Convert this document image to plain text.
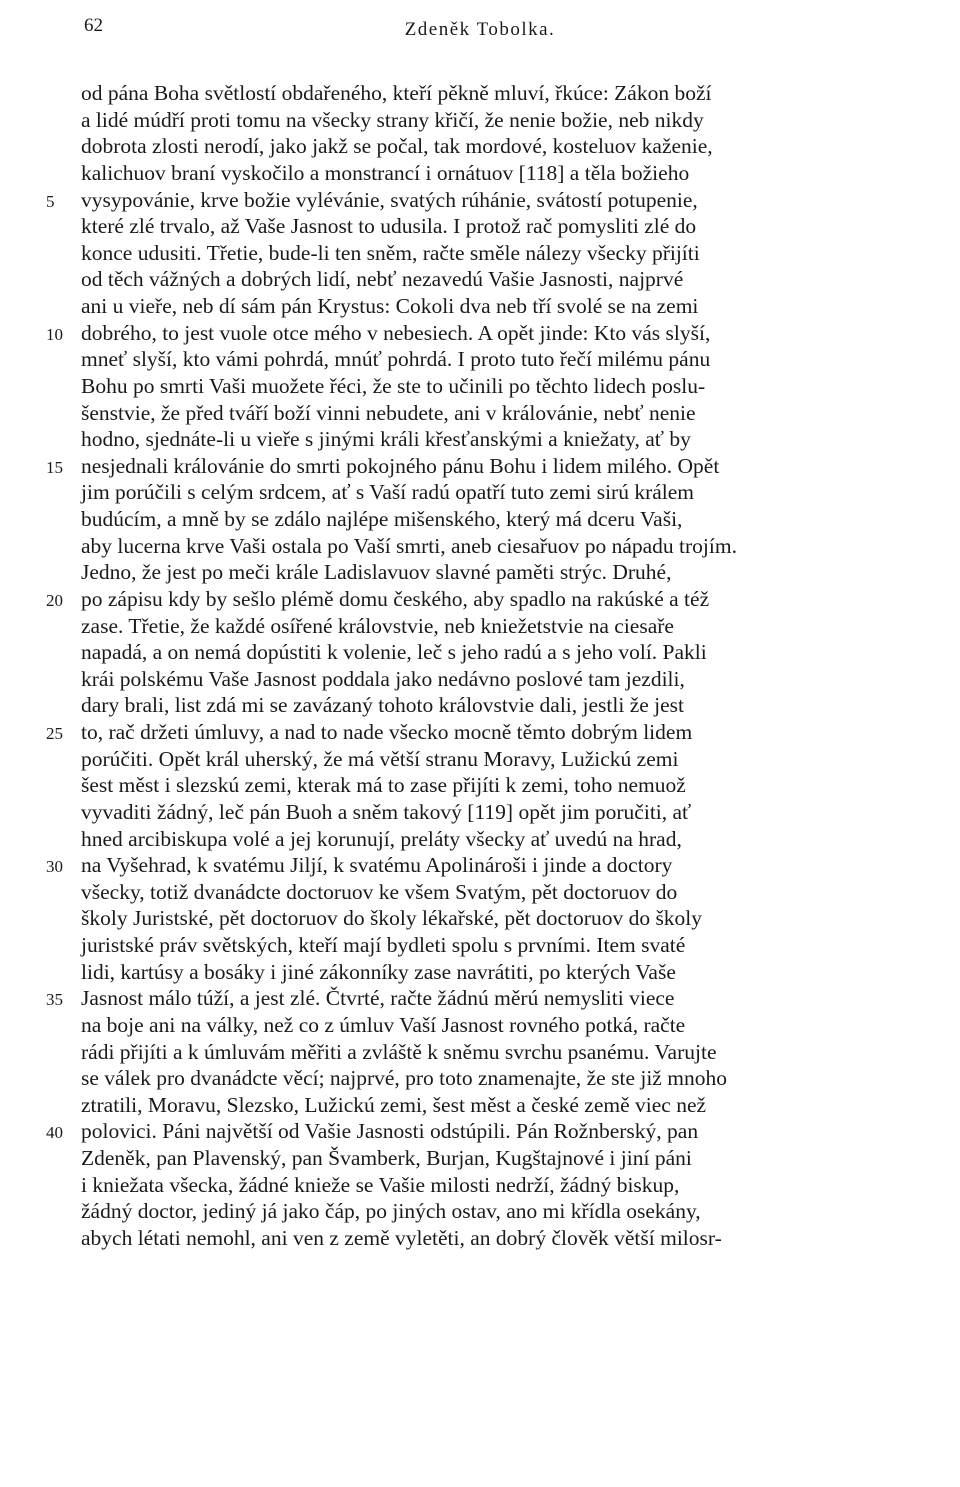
62	Zdeněk Tobolka.
od pána Boha světlostí obdařeného, kteří pěkně mluví, řkúce: Zákon boží
a lidé múdří proti tomu na všecky strany křičí, že nenie božie, neb nikdy
dobrota zlosti nerodí, jako jakž se počal, tak mordové, kosteluov kaženie,
kalichuov braní vyskočilo a monstrancí i ornátuov [118] a těla božieho
5 vysypovánie, krve božie vylévánie, svatých rúhánie, svátostí potupenie,
které zlé trvalo, až Vaše Jasnost to udusila. I protož rač pomysliti zlé do
konce udusiti. Třetie, bude-li ten sněm, račte směle nálezy všecky přijíti
od těch vážných a dobrých lidí, nebť nezavedú Vašie Jasnosti, najprvé
ani u vieře, neb dí sám pán Krystus: Cokoli dva neb tří svolé se na zemi
10 dobrého, to jest vuole otce mého v nebesiech. A opět jinde: Kto vás slyší,
mneť slyší, kto vámi pohrdá, mnúť pohrdá. I proto tuto řečí milému pánu
Bohu po smrti Vaši muožete řéci, že ste to učinili po těchto lidech poslu-
šenstvie, že před tváří boží vinni nebudete, ani v královánie, nebť nenie
hodno, sjednáte-li u vieře s jinými králi křesťanskými a kniežaty, ať by
15 nesjednali královánie do smrti pokojného pánu Bohu i lidem milého. Opět
jim porúčili s celým srdcem, ať s Vaší radú opatří tuto zemi sirú králem
budúcím, a mně by se zdálo najlépe mišenského, který má dceru Vaši,
aby lucerna krve Vaši ostala po Vaší smrti, aneb ciesařuov po nápadu trojím.
Jedno, že jest po meči krále Ladislavuov slavné paměti strýc. Druhé,
20 po zápisu kdy by sešlo plémě domu českého, aby spadlo na rakúské a též
zase. Třetie, že každé osířené královstvie, neb kniežetstvie na ciesaře
napadá, a on nemá dopústiti k volenie, leč s jeho radú a s jeho volí. Pakli
krái polskému Vaše Jasnost poddala jako nedávno poslové tam jezdili,
dary brali, list zdá mi se zavázaný tohoto královstvie dali, jestli že jest
25 to, rač držeti úmluvy, a nad to nade všecko mocně těmto dobrým lidem
porúčiti. Opět král uherský, že má větší stranu Moravy, Lužickú zemi
šest měst i slezskú zemi, kterak má to zase přijíti k zemi, toho nemuož
vyvaditi žádný, leč pán Buoh a sněm takový [119] opět jim poručiti, ať
hned arcibiskupa volé a jej korunují, preláty všecky ať uvedú na hrad,
30 na Vyšehrad, k svatému Jiljí, k svatému Apolinároši i jinde a doctory
všecky, totiž dvanádcte doctoruov ke všem Svatým, pět doctoruov do
školy Juristské, pět doctoruov do školy lékařské, pět doctoruov do školy
juristské práv světských, kteří mají bydleti spolu s prvními. Item svaté
lidi, kartúsy a bosáky i jiné zákonníky zase navrátiti, po kterých Vaše
35 Jasnost málo túží, a jest zlé. Čtvrté, račte žádnú měrú nemysliti viece
na boje ani na války, než co z úmluv Vaší Jasnost rovného potká, račte
rádi přijíti a k úmluvám měřiti a zvláště k sněmu svrchu psanému. Varujte
se válek pro dvanádcte věcí; najprvé, pro toto znamenajte, že ste již mnoho
ztratili, Moravu, Slezsko, Lužickú zemi, šest měst a české země viec než
40 polovici. Páni najvětší od Vašie Jasnosti odstúpili. Pán Rožnberský, pan
Zdeněk, pan Plavenský, pan Švamberk, Burjan, Kugštajnové i jiní páni
i kniežata všecka, žádné knieže se Vašie milosti nedrží, žádný biskup,
žádný doctor, jediný já jako čáp, po jiných ostav, ano mi křídla osekány,
abych létati nemohl, ani ven z země vyletěti, an dobrý člověk větší milosr-
